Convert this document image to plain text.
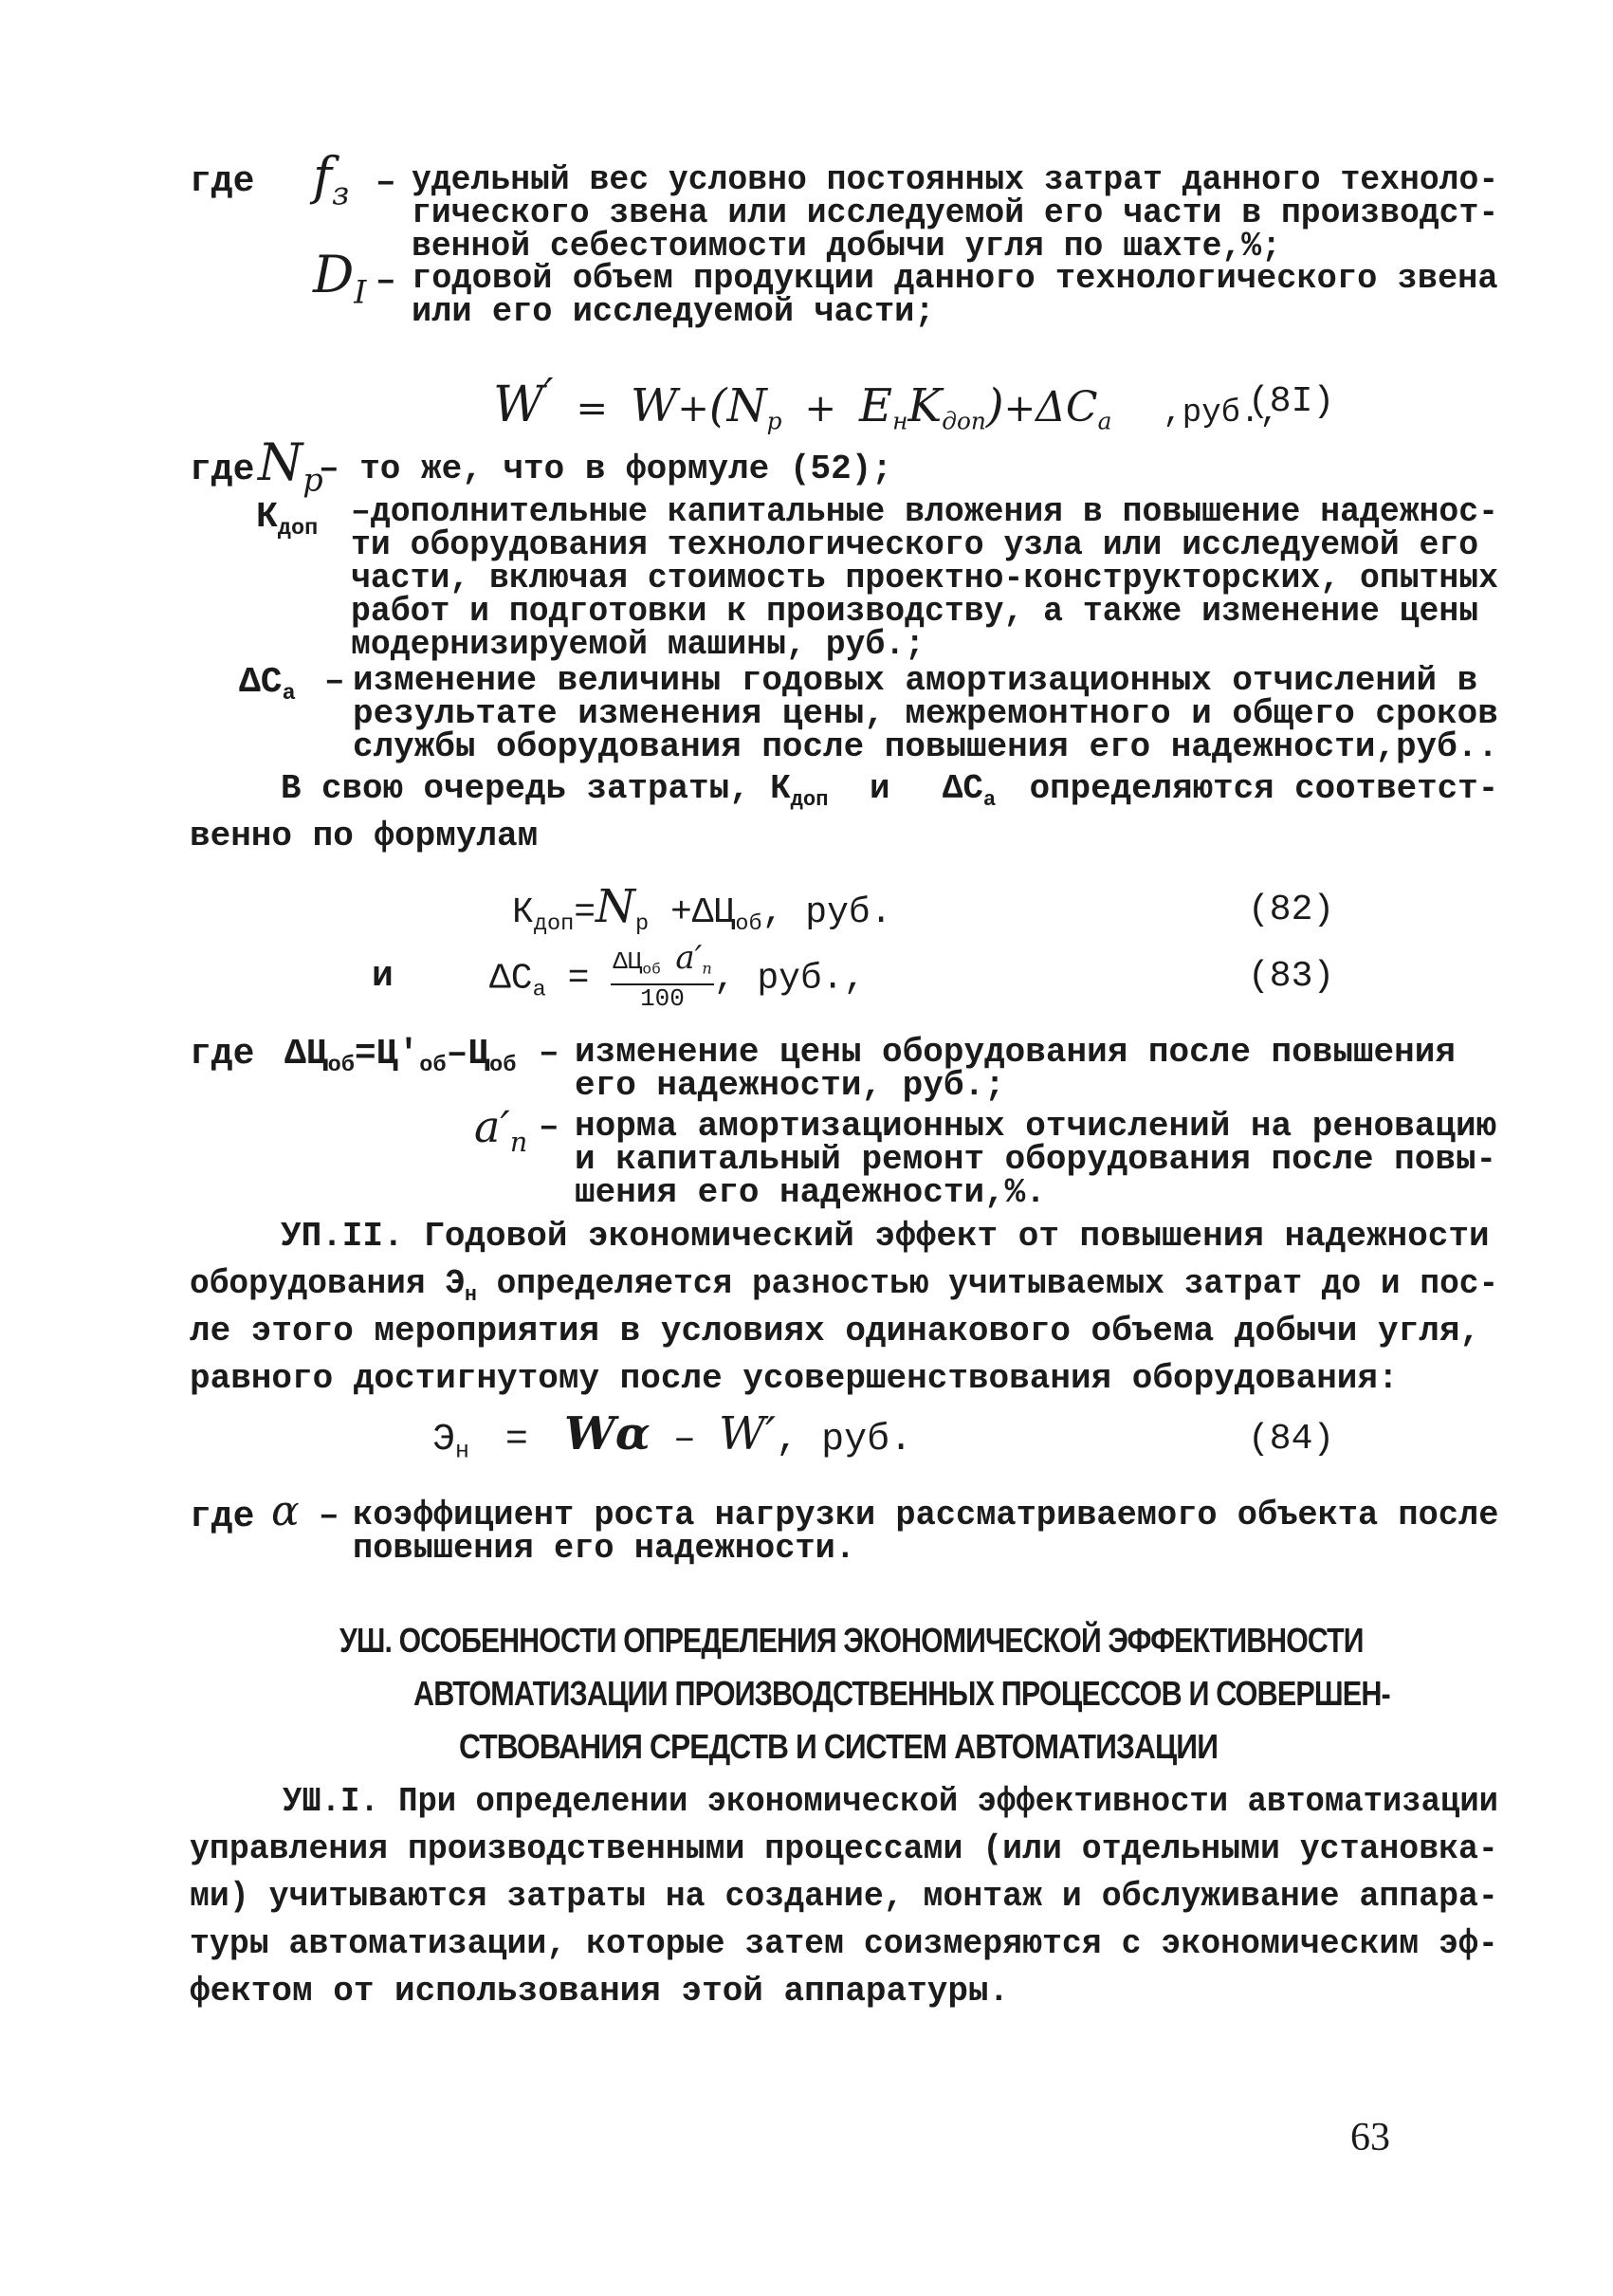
где $f_з$ – удельный вес условно постоянных затрат данного техноло-
гического звена или исследуемой его части в производст-
венной себестоимости добычи угля по шахте,%;
$D_I$ – годовой объем продукции данного технологического звена
или его исследуемой части;
$W' = W+(N_p + E_нK_{доп})+\Delta C_a$ ,руб.,
(8I)
где $N_p$
– то же, что в формуле (52);
$К_{доп}$ –дополнительные капитальные вложения в повышение надежнос-
ти оборудования технологического узла или исследуемой его
части, включая стоимость проектно-конструкторских, опытных
работ и подготовки к производству, а также изменение цены
модернизируемой машины, руб.;
$\Delta C_а$ – изменение величины годовых амортизационных отчислений в
результате изменения цены, межремонтного и общего сроков
службы оборудования после повышения его надежности,руб..
В свою очередь затраты, $К_{доп}$ и $\Delta C_а$ определяются соответст-
венно по формулам
$К_{доп}=N_р +\Delta Ц_{об}$, руб.	(82)
и	$\Delta C_а = \frac{\Delta Ц_{об} a'_п}{100}$ , руб.,	(83)
где $\Delta Ц_{об}=Ц'_{об}-Ц_{об}$ – изменение цены оборудования после повышения
его надежности, руб.;
$a'_п$ – норма амортизационных отчислений на реновацию
и капитальный ремонт оборудования после повы-
шения его надежности,%.
УП.II. Годовой экономический эффект от повышения надежности
оборудования $Э_н$ определяется разностью учитываемых затрат до и пос-
ле этого мероприятия в условиях одинакового объема добычи угля,
равного достигнутому после усовершенствования оборудования:
$Э_н = W\alpha - W'$, руб.	(84)
где α – коэффициент роста нагрузки рассматриваемого объекта после
повышения его надежности.
УШ. ОСОБЕННОСТИ ОПРЕДЕЛЕНИЯ ЭКОНОМИЧЕСКОЙ ЭФФЕКТИВНОСТИ
АВТОМАТИЗАЦИИ ПРОИЗВОДСТВЕННЫХ ПРОЦЕССОВ И СОВЕРШЕН-
СТВОВАНИЯ СРЕДСТВ И СИСТЕМ АВТОМАТИЗАЦИИ
УШ.I. При определении экономической эффективности автоматизации
управления производственными процессами (или отдельными установка-
ми) учитываются затраты на создание, монтаж и обслуживание аппара-
туры автоматизации, которые затем соизмеряются с экономическим эф-
фектом от использования этой аппаратуры.
63
